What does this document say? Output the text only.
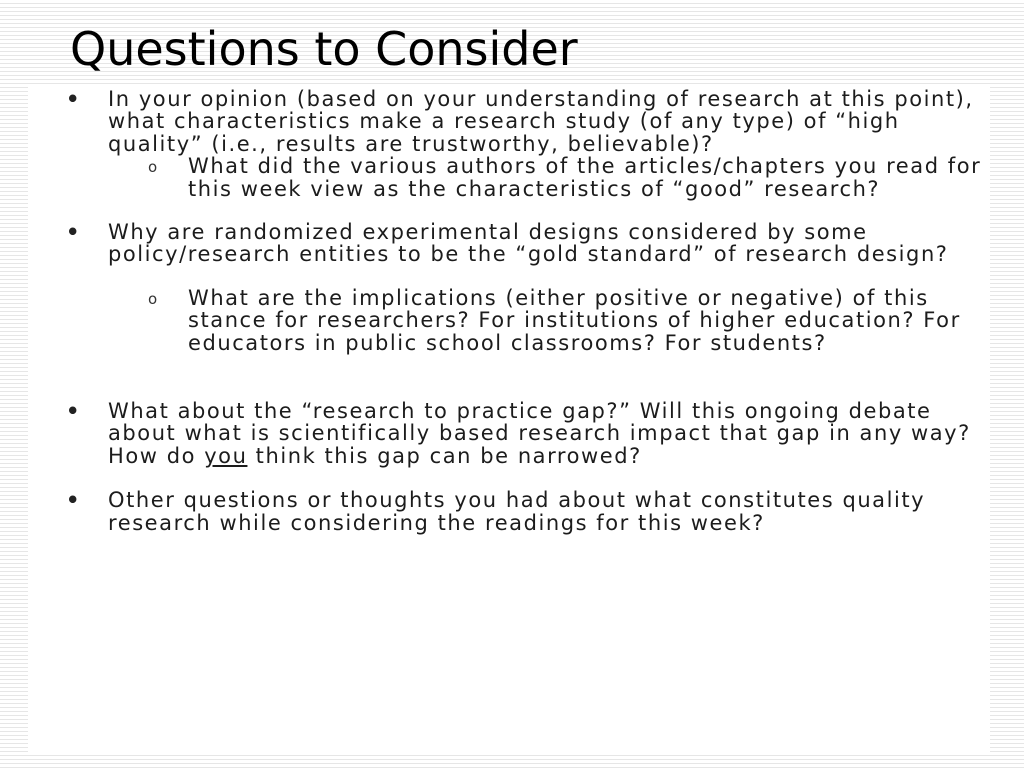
Questions to Consider
• In your opinion (based on your understanding of research at this point), what characteristics make a research study (of any type) of “high quality” (i.e., results are trustworthy, believable)?
o What did the various authors of the articles/chapters you read for this week view as the characteristics of “good” research?
• Why are randomized experimental designs considered by some policy/research entities to be the “gold standard” of research design?
o What are the implications (either positive or negative) of this stance for researchers? For institutions of higher education? For educators in public school classrooms? For students?
• What about the “research to practice gap?” Will this ongoing debate about what is scientifically based research impact that gap in any way? How do you think this gap can be narrowed?
• Other questions or thoughts you had about what constitutes quality research while considering the readings for this week?
